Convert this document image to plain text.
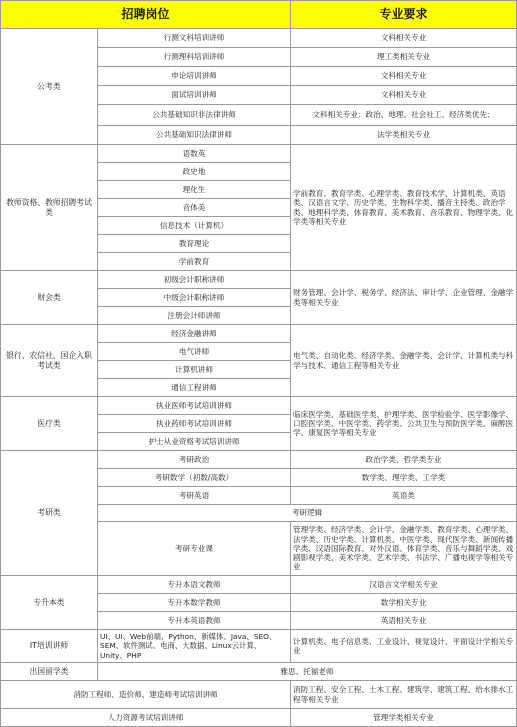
招聘岗位		专业要求
公考类	行测文科培训讲师	文科相关专业
	行测理科培训讲师	理工类相关专业
	申论培训讲师	文科相关专业
	面试培训讲师	文科相关专业
	公共基础知识非法律讲师	文科相关专业：政治、地理、社会社工、经济类优先；
	公共基础知识法律讲师	法学类相关专业
教师资格、教师招聘考试类	语数英	学前教育、教育学类、心理学类、教育技术学、计算机类、英语类、汉语言文学、历史学类、生物科学类、播音主持类、政治学类、地理科学类、体育教育、美术教育、音乐教育、物理学类、化学类等相关专业
	政史地	
	理化生	
	音体美	
	信息技术（计算机）	
	教育理论	
	学前教育	
财会类	初级会计职称讲师	财务管理、会计学、税务学、经济法、审计学、企业管理、金融学类等相关专业
	中级会计职称讲师	
	注册会计师讲师	
银行、农信社、国企入职考试类	经济金融讲师	电气类、自动化类、经济学类、金融学类、会计学、计算机类与科学与技术、通信工程等相关专业
	电气讲师	
	计算机讲师	
	通信工程讲师	
医疗类	执业医师考试培训讲师	临床医学类、基础医学类、护理学类、医学检验学、医学影像学、口腔医学类、中医学类、药学类、公共卫生与预防医学类、麻醉医学、康复医学等相关专业
	执业药师考试培训讲师	
	护士从业资格考试培训讲师	
考研类	考研政治	政治学类、哲学类专业
	考研数学（初数/高数）	数学类、理学类、工学类
	考研英语	英语类
	考研逻辑	
	考研专业课	管理学类、经济学类、会计学、金融学类、教育学类、心理学类、法学类、历史学类、计算机类、中医学类、现代医学类、新闻传播学类、汉语国际教育、对外汉语、体育学类、音乐与舞蹈学类、戏剧影视学类、美术学类、艺术学类、书法学、广播电视学等相关专业
专升本类	专升本语文教师	汉语言文学相关专业
	专升本数学教师	数学相关专业
	专升本英语教师	英语相关专业
IT培训讲师	UI、UI、Web前端、Python、新媒体、Java、SEO、SEM、软件测试、电商、大数据、Linux云计算、Unity、PHP	计算机类、电子信息类、工业设计、视觉设计、平面设计学相关专业
出国留学类	雅思、托福老师	
消防工程师、造价师、建造师考试培训讲师		消防工程、安全工程、土木工程、建筑学、建筑工程、给水排水工程等相关专业
人力资源考试培训讲师		管理学类相关专业
